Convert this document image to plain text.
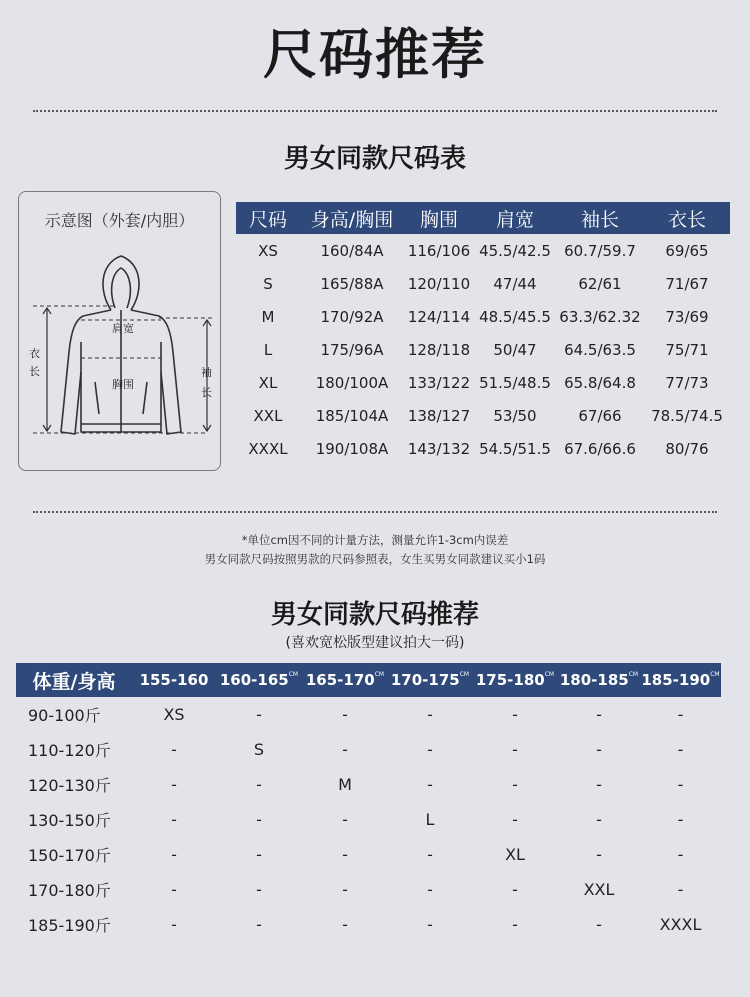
尺码推荐
男女同款尺码表
示意图（外套/内胆）
肩宽
胸围
衣
长	袖
长
尺码	身高/胸围	胸围	肩宽	袖长	衣长
XS	160/84A	116/106	45.5/42.5	60.7/59.7	69/65
S	165/88A	120/110	47/44	62/61	71/67
M	170/92A	124/114	48.5/45.5	63.3/62.32	73/69
L	175/96A	128/118	50/47	64.5/63.5	75/71
XL	180/100A	133/122	51.5/48.5	65.8/64.8	77/73
XXL	185/104A	138/127	53/50	67/66	78.5/74.5
XXXL	190/108A	143/132	54.5/51.5	67.6/66.6	80/76
*单位cm因不同的计量方法，测量允许1-3cm内误差
男女同款尺码按照男款的尺码参照表，女生买男女同款建议买小1码
男女同款尺码推荐
(喜欢宽松版型建议拍大一码)
体重/身高	155-160	$160-165^{CM}$	$165-170^{CM}$	$170-175^{CM}$	$175-180^{CM}$	$180-185^{CM}$	$185-190^{CM}$
90-100斤	XS	-	-	-	-	-	-
110-120斤	-	S	-	-	-	-	-
120-130斤	-	-	M	-	-	-	-
130-150斤	-	-	-	L	-	-	-
150-170斤	-	-	-	-	XL	-	-
170-180斤	-	-	-	-	-	XXL	-
185-190斤	-	-	-	-	-	-	XXXL
